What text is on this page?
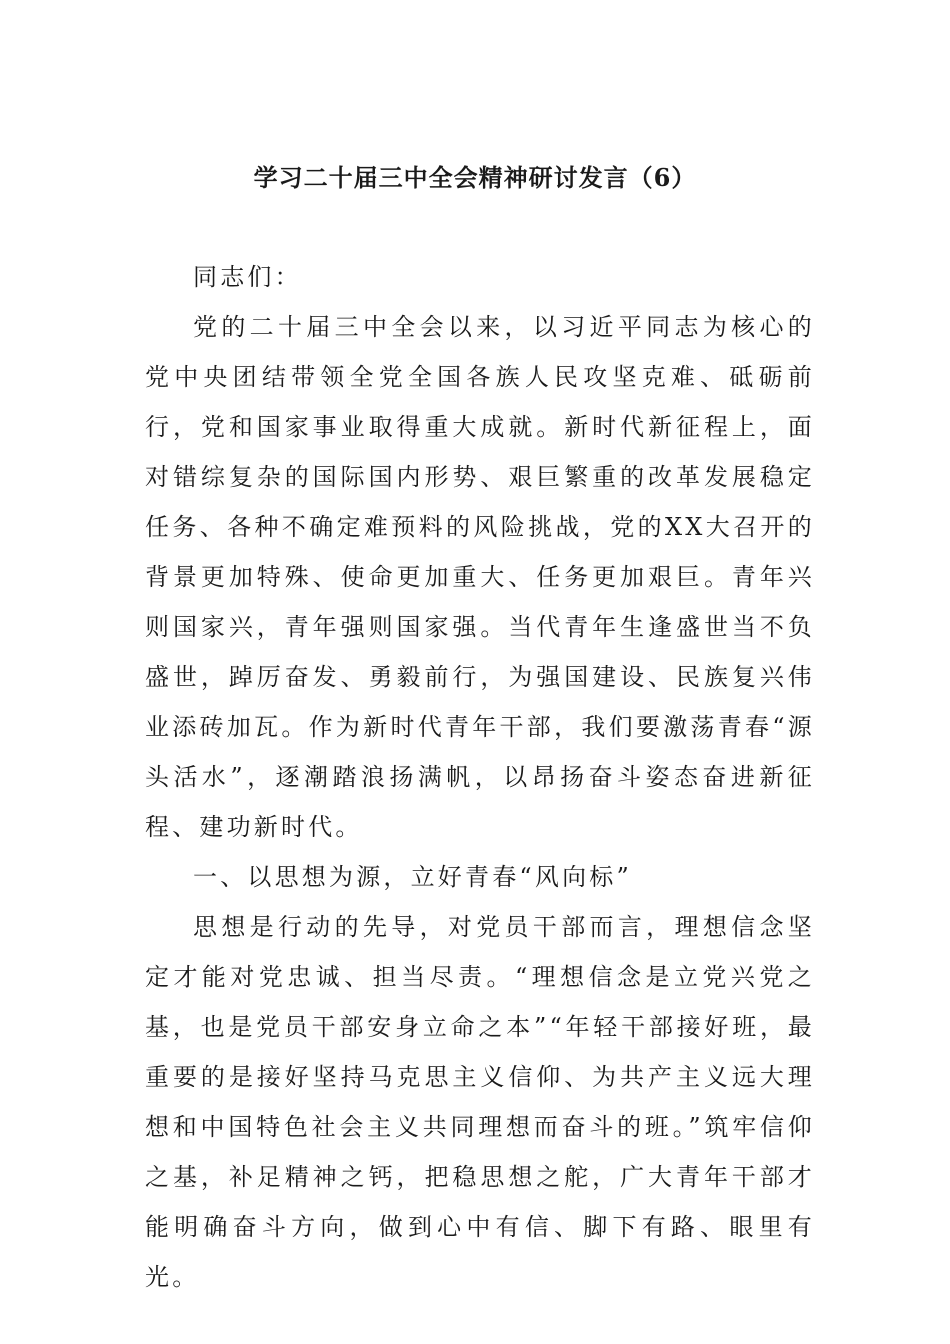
学习二十届三中全会精神研讨发言（6）

同志们：

党的二十届三中全会以来，以习近平同志为核心的党中央团结带领全党全国各族人民攻坚克难、砥砺前行，党和国家事业取得重大成就。新时代新征程上，面对错综复杂的国际国内形势、艰巨繁重的改革发展稳定任务、各种不确定难预料的风险挑战，党的XX大召开的背景更加特殊、使命更加重大、任务更加艰巨。青年兴则国家兴，青年强则国家强。当代青年生逢盛世当不负盛世，踔厉奋发、勇毅前行，为强国建设、民族复兴伟业添砖加瓦。作为新时代青年干部，我们要激荡青春“源头活水”，逐潮踏浪扬满帆，以昂扬奋斗姿态奋进新征程、建功新时代。

一、以思想为源，立好青春“风向标”

思想是行动的先导，对党员干部而言，理想信念坚定才能对党忠诚、担当尽责。“理想信念是立党兴党之基，也是党员干部安身立命之本”“年轻干部接好班，最重要的是接好坚持马克思主义信仰、为共产主义远大理想和中国特色社会主义共同理想而奋斗的班。”筑牢信仰之基，补足精神之钙，把稳思想之舵，广大青年干部才能明确奋斗方向，做到心中有信、脚下有路、眼里有光。
